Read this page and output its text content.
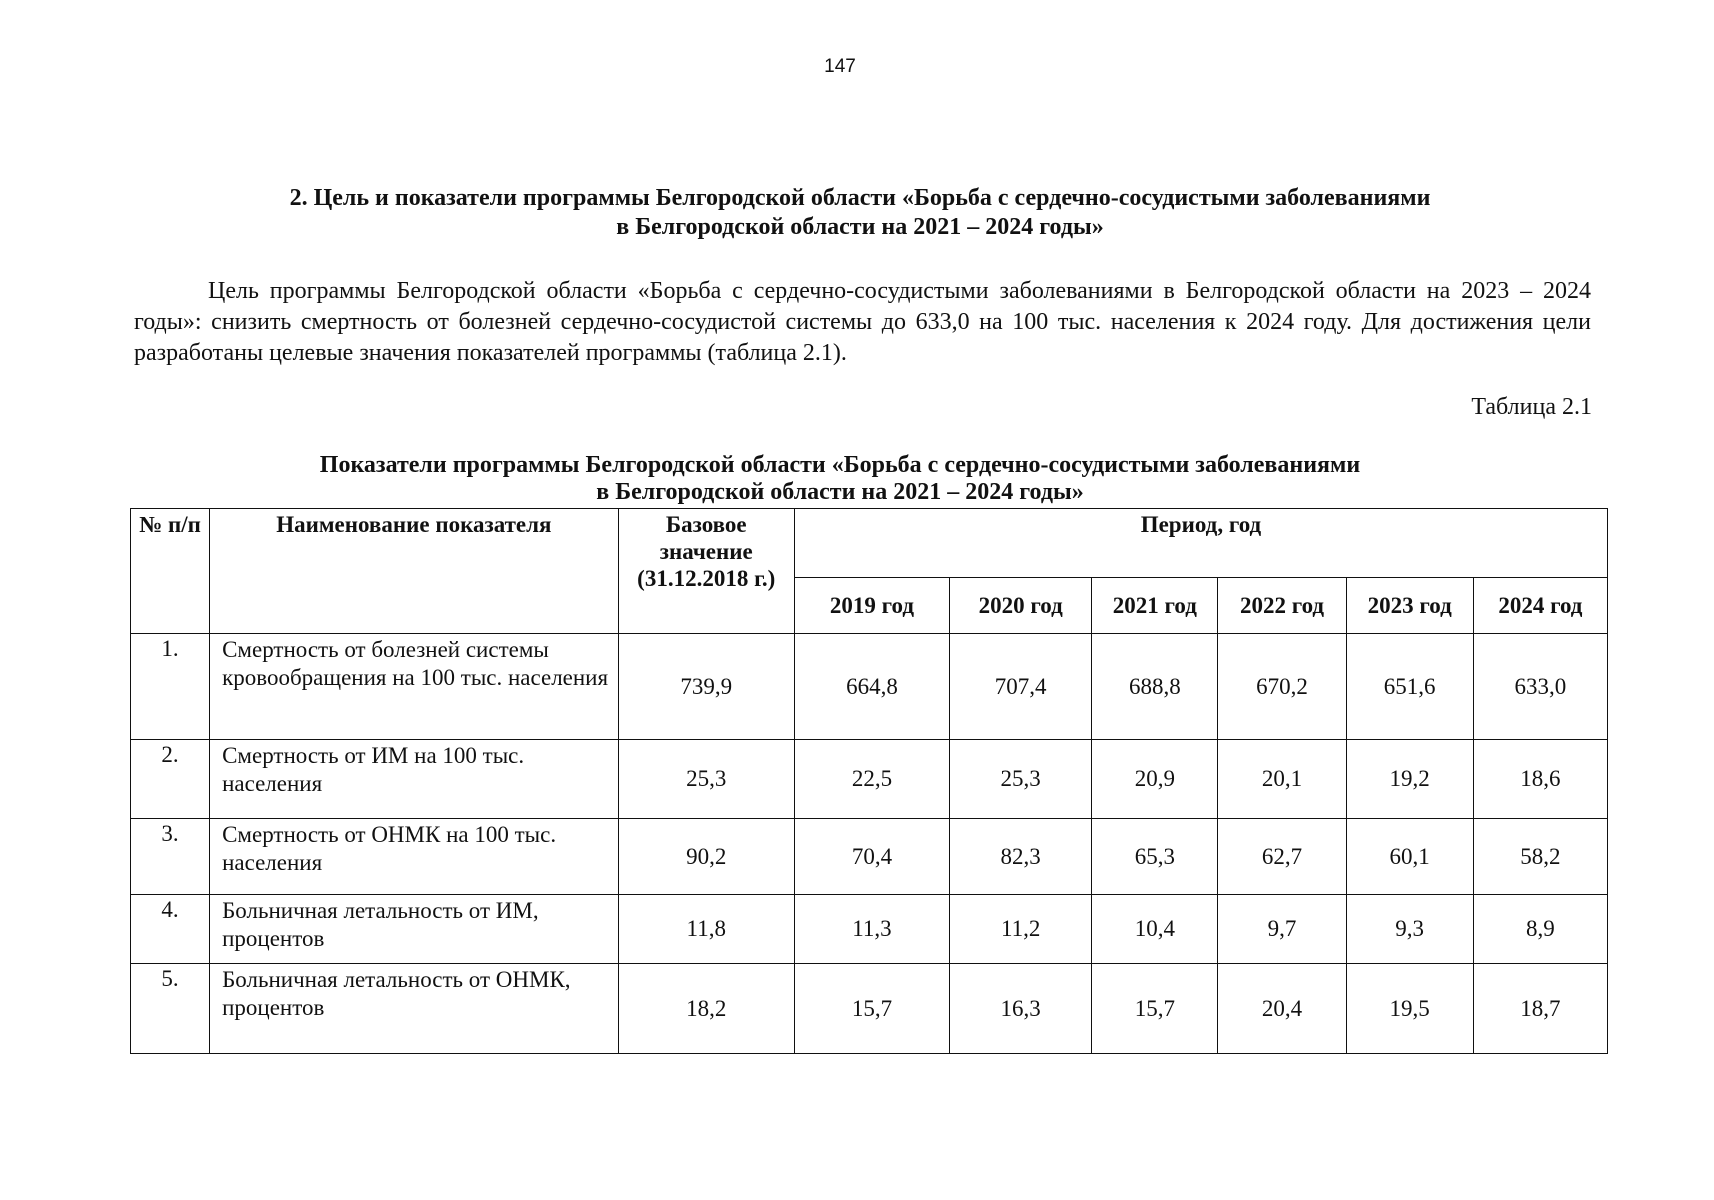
147
2. Цель и показатели программы Белгородской области «Борьба с сердечно-сосудистыми заболеваниями
в Белгородской области на 2021 – 2024 годы»
Цель программы Белгородской области «Борьба с сердечно-сосудистыми заболеваниями в Белгородской области на 2023 – 2024 годы»: снизить смертность от болезней сердечно-сосудистой системы до 633,0 на 100 тыс. населения к 2024 году. Для достижения цели разработаны целевые значения показателей программы (таблица 2.1).
Таблица 2.1
Показатели программы Белгородской области «Борьба с сердечно-сосудистыми заболеваниями
в Белгородской области на 2021 – 2024 годы»
№ п/п	Наименование показателя	Базовое значение (31.12.2018 г.)	Период, год					
			2019 год	2020 год	2021 год	2022 год	2023 год	2024 год
1.	Смертность от болезней системы кровообращения на 100 тыс. населения	739,9	664,8	707,4	688,8	670,2	651,6	633,0
2.	Смертность от ИМ на 100 тыс. населения	25,3	22,5	25,3	20,9	20,1	19,2	18,6
3.	Смертность от ОНМК на 100 тыс. населения	90,2	70,4	82,3	65,3	62,7	60,1	58,2
4.	Больничная летальность от ИМ, процентов	11,8	11,3	11,2	10,4	9,7	9,3	8,9
5.	Больничная летальность от ОНМК, процентов	18,2	15,7	16,3	15,7	20,4	19,5	18,7
